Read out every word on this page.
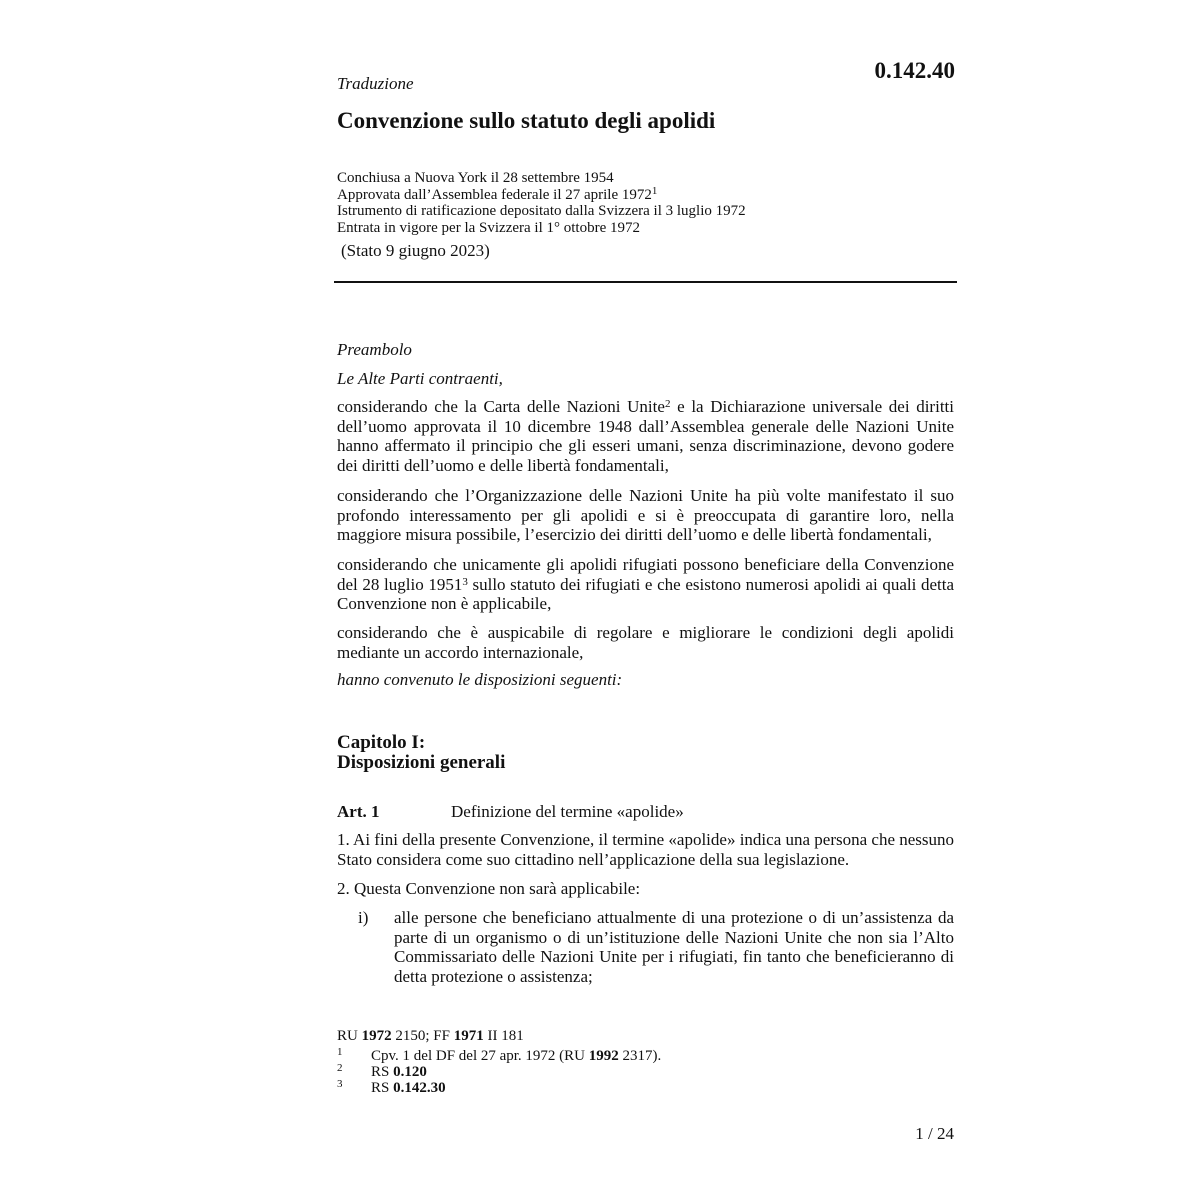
0.142.40
Traduzione
Convenzione sullo statuto degli apolidi
Conchiusa a Nuova York il 28 settembre 1954
Approvata dall’Assemblea federale il 27 aprile 1972$^1$
Istrumento di ratificazione depositato dalla Svizzera il 3 luglio 1972
Entrata in vigore per la Svizzera il 1° ottobre 1972
(Stato 9 giugno 2023)

Preambolo

Le Alte Parti contraenti,

considerando che la Carta delle Nazioni Unite$^2$ e la Dichiarazione universale dei diritti dell’uomo approvata il 10 dicembre 1948 dall’Assemblea generale delle Nazioni Unite hanno affermato il principio che gli esseri umani, senza discriminazione, devono godere dei diritti dell’uomo e delle libertà fondamentali,

considerando che l’Organizzazione delle Nazioni Unite ha più volte manifestato il suo profondo interessamento per gli apolidi e si è preoccupata di garantire loro, nella maggiore misura possibile, l’esercizio dei diritti dell’uomo e delle libertà fondamentali,

considerando che unicamente gli apolidi rifugiati possono beneficiare della Convenzione del 28 luglio 1951$^3$ sullo statuto dei rifugiati e che esistono numerosi apolidi ai quali detta Convenzione non è applicabile,

considerando che è auspicabile di regolare e migliorare le condizioni degli apolidi mediante un accordo internazionale,

hanno convenuto le disposizioni seguenti:

Capitolo I:
Disposizioni generali
Art. 1	Definizione del termine «apolide»

1. Ai fini della presente Convenzione, il termine «apolide» indica una persona che nessuno Stato considera come suo cittadino nell’applicazione della sua legislazione.

2. Questa Convenzione non sarà applicabile:

i) alle persone che beneficiano attualmente di una protezione o di un’assistenza da parte di un organismo o di un’istituzione delle Nazioni Unite che non sia l’Alto Commissariato delle Nazioni Unite per i rifugiati, fin tanto che beneficieranno di detta protezione o assistenza;

RU 1972 2150; FF 1971 II 181
1 Cpv. 1 del DF del 27 apr. 1972 (RU 1992 2317).
2 RS 0.120
3 RS 0.142.30
1 / 24
